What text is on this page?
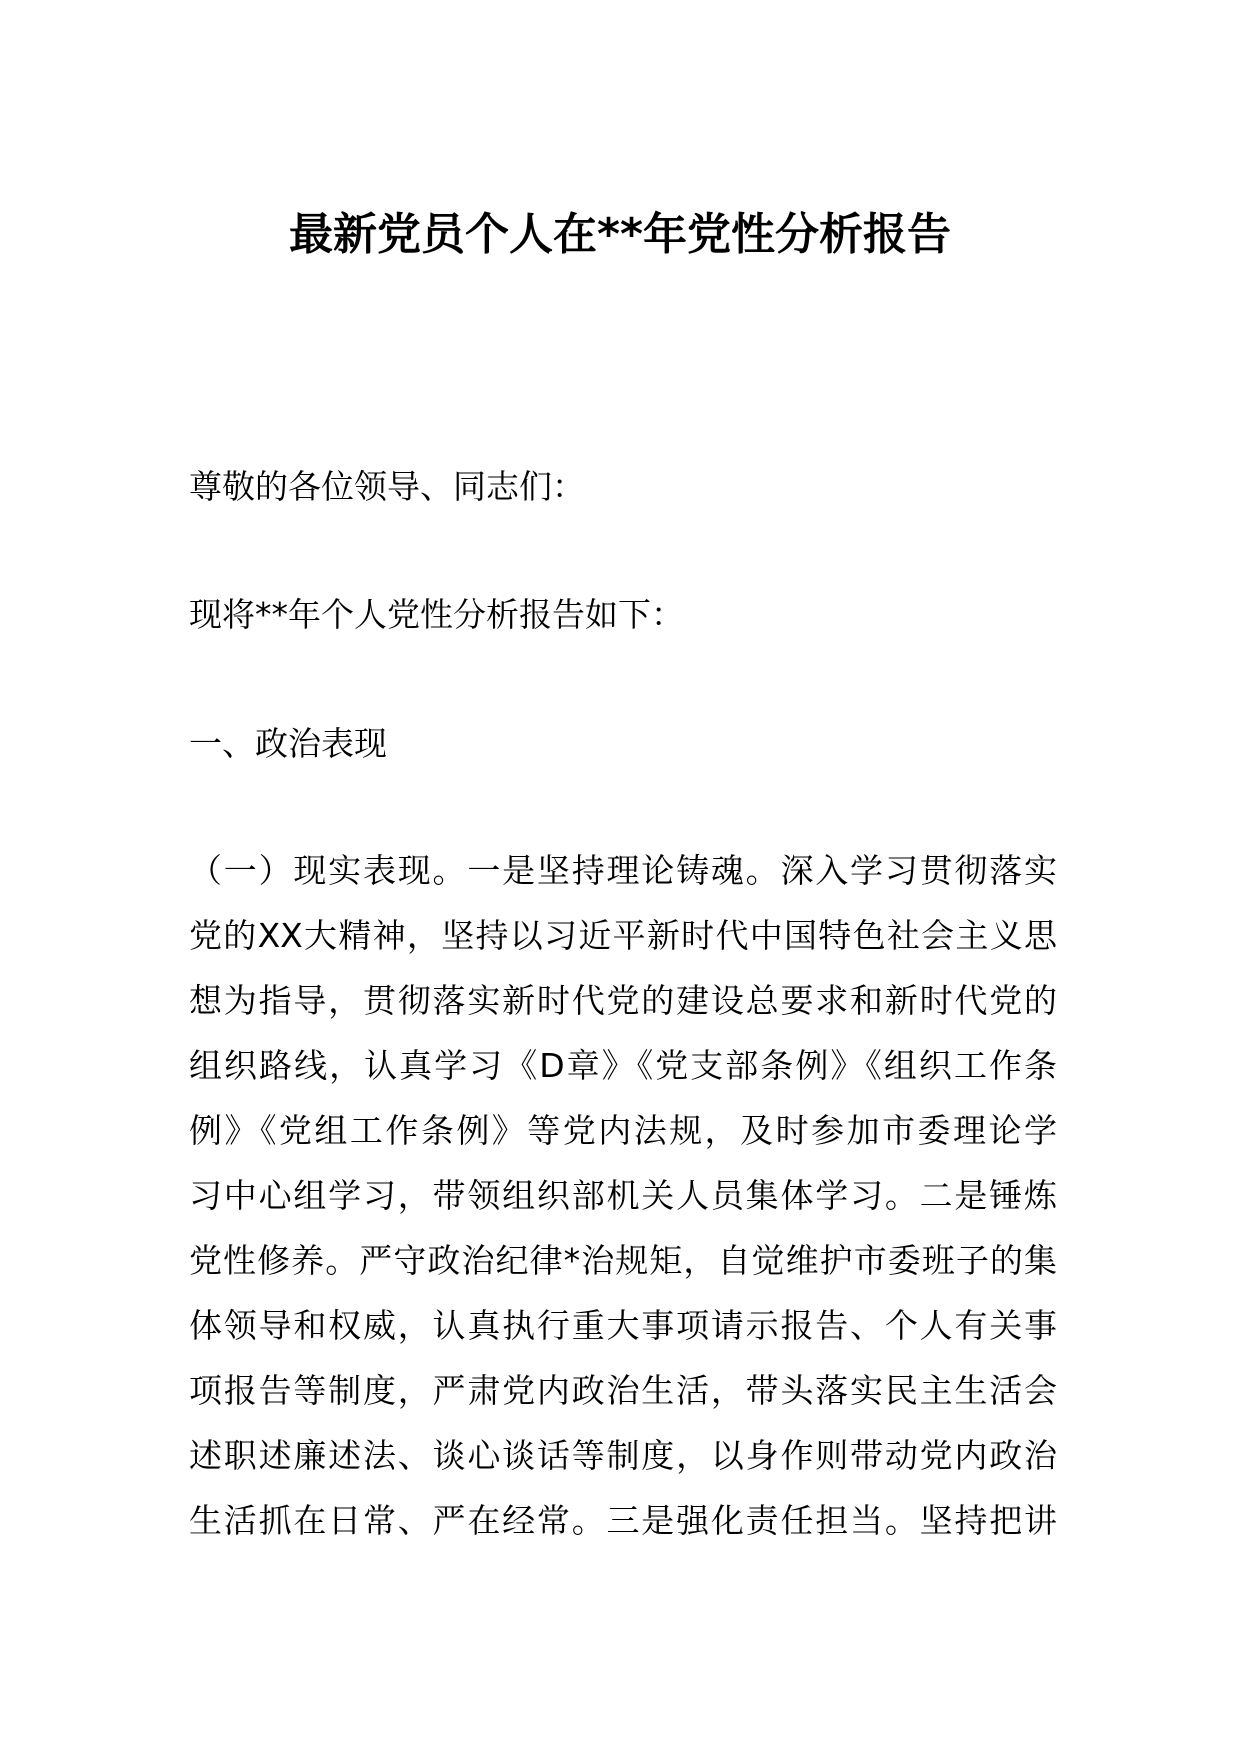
最新党员个人在**年党性分析报告
尊敬的各位领导、同志们：
现将**年个人党性分析报告如下：
一、政治表现
（一）现实表现。一是坚持理论铸魂。深入学习贯彻落实
党的XX大精神，坚持以习近平新时代中国特色社会主义思
想为指导，贯彻落实新时代党的建设总要求和新时代党的
组织路线，认真学习《D章》《党支部条例》《组织工作条
例》《党组工作条例》等党内法规，及时参加市委理论学
习中心组学习，带领组织部机关人员集体学习。二是锤炼
党性修养。严守政治纪律*治规矩，自觉维护市委班子的集
体领导和权威，认真执行重大事项请示报告、个人有关事
项报告等制度，严肃党内政治生活，带头落实民主生活会
述职述廉述法、谈心谈话等制度，以身作则带动党内政治
生活抓在日常、严在经常。三是强化责任担当。坚持把讲
